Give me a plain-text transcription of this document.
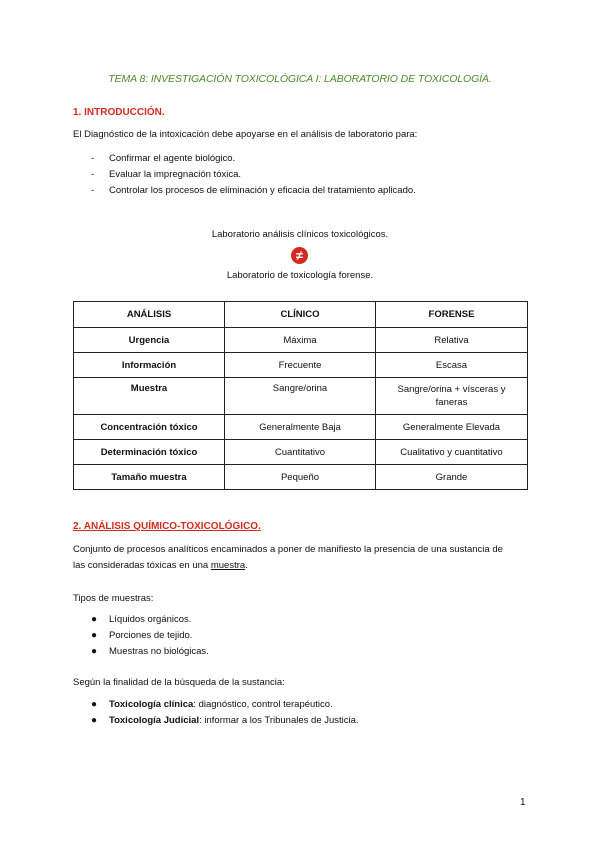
TEMA 8: INVESTIGACIÓN TOXICOLÓGICA I: LABORATORIO DE TOXICOLOGÍA.
1. INTRODUCCIÓN.
El Diagnóstico de la intoxicación debe apoyarse en el análisis de laboratorio para:
-	Confirmar el agente biológico.
-	Evaluar la impregnación tóxica.
-	Controlar los procesos de eliminación y eficacia del tratamiento aplicado.
Laboratorio análisis clínicos toxicológicos.
≠
Laboratorio de toxicología forense.
ANÁLISIS	CLÍNICO	FORENSE
Urgencia	Máxima	Relativa
Información	Frecuente	Escasa
Muestra	Sangre/orina	Sangre/orina + vísceras y faneras
Concentración tóxico	Generalmente Baja	Generalmente Elevada
Determinación tóxico	Cuantitativo	Cualitativo y cuantitativo
Tamaño muestra	Pequeño	Grande
2. ANÁLISIS QUÍMICO-TOXICOLÓGICO.
Conjunto de procesos analíticos encaminados a poner de manifiesto la presencia de una sustancia de
las consideradas tóxicas en una muestra.
Tipos de muestras:
●	Líquidos orgánicos.
●	Porciones de tejido.
●	Muestras no biológicas.
Según la finalidad de la búsqueda de la sustancia:
●	Toxicología clínica : diagnóstico, control terapéutico.
●	Toxicología Judicial : informar a los Tribunales de Justicia.
1
